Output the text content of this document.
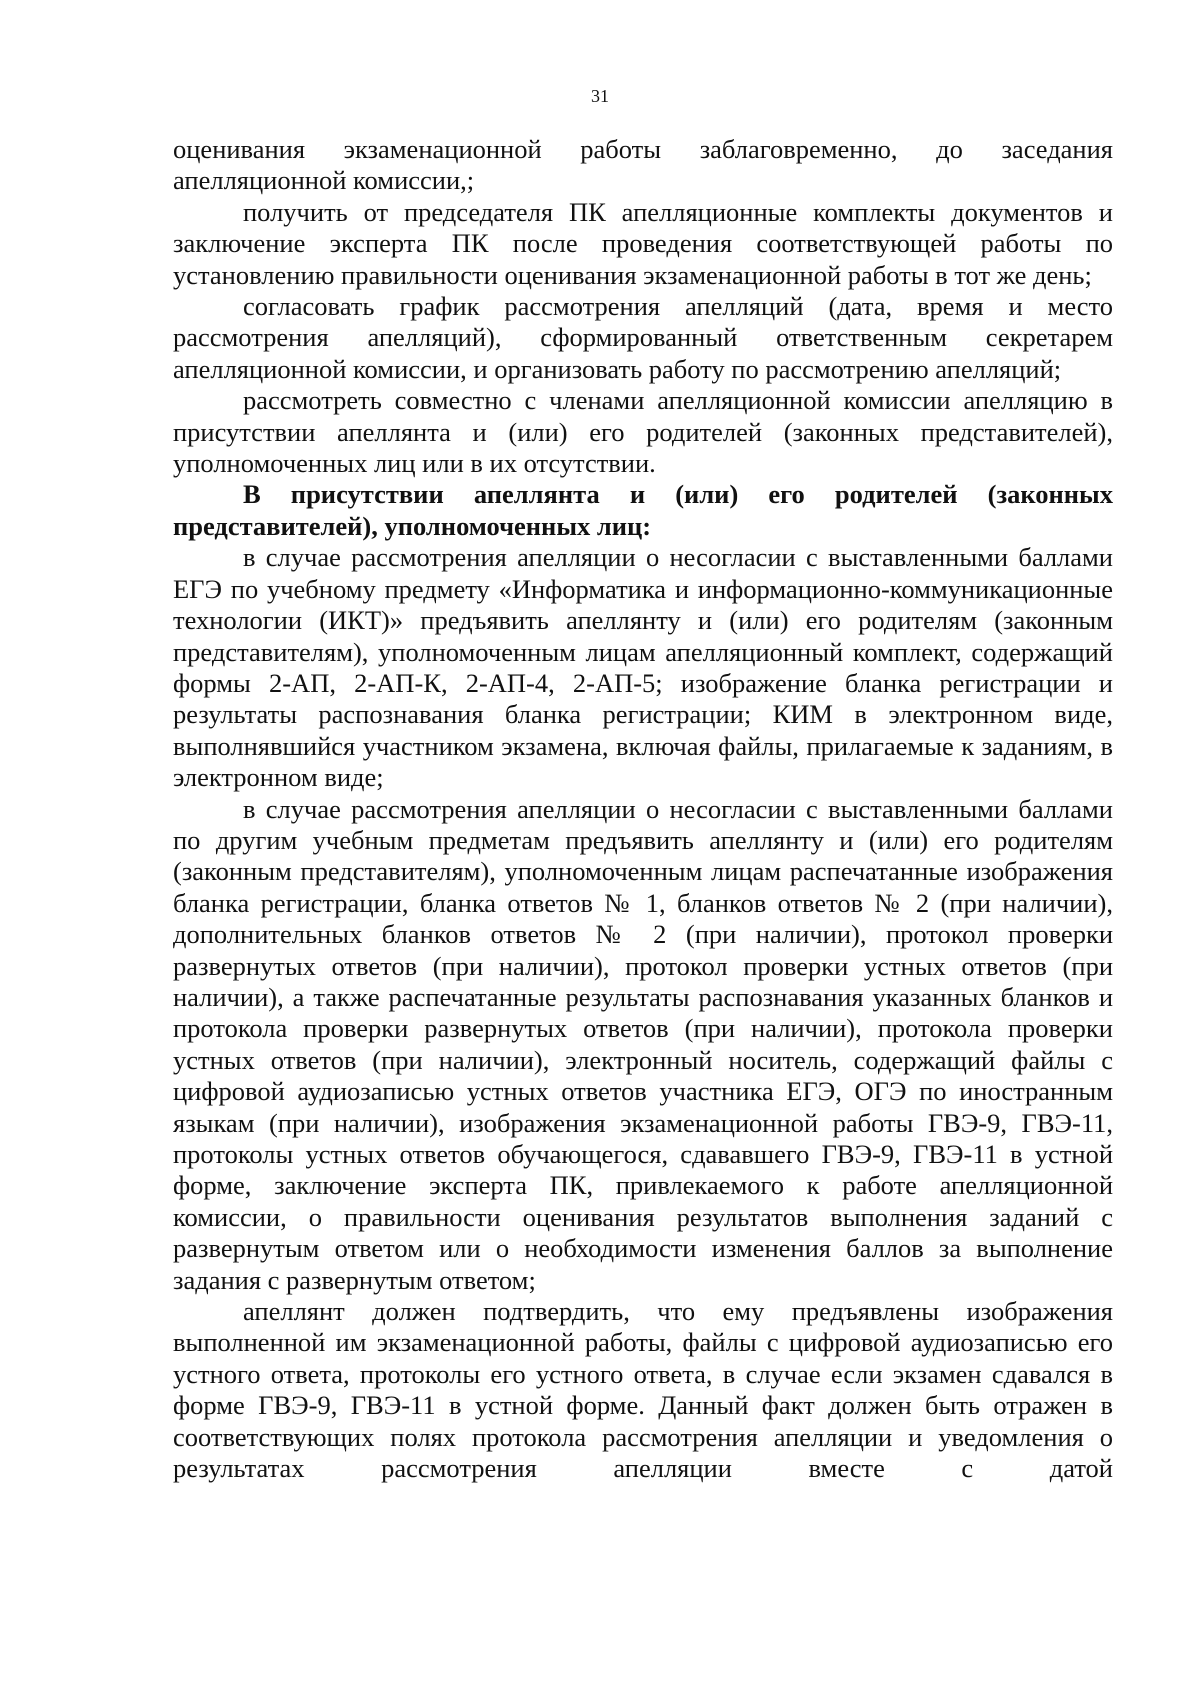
31

оценивания экзаменационной работы заблаговременно, до заседания апелляционной комиссии,;

получить от председателя ПК апелляционные комплекты документов и заключение эксперта ПК после проведения соответствующей работы по установлению правильности оценивания экзаменационной работы в тот же день;

согласовать график рассмотрения апелляций (дата, время и место рассмотрения апелляций), сформированный ответственным секретарем апелляционной комиссии, и организовать работу по рассмотрению апелляций;

рассмотреть совместно с членами апелляционной комиссии апелляцию в присутствии апеллянта и (или) его родителей (законных представителей), уполномоченных лиц или в их отсутствии.

В присутствии апеллянта и (или) его родителей (законных представителей), уполномоченных лиц:

в случае рассмотрения апелляции о несогласии с выставленными баллами ЕГЭ по учебному предмету «Информатика и информационно-коммуникационные технологии (ИКТ)» предъявить апеллянту и (или) его родителям (законным представителям), уполномоченным лицам апелляционный комплект, содержащий формы 2-АП, 2-АП-К, 2-АП-4, 2-АП-5; изображение бланка регистрации и результаты распознавания бланка регистрации; КИМ в электронном виде, выполнявшийся участником экзамена, включая файлы, прилагаемые к заданиям, в электронном виде;

в случае рассмотрения апелляции о несогласии с выставленными баллами по другим учебным предметам предъявить апеллянту и (или) его родителям (законным представителям), уполномоченным лицам распечатанные изображения бланка регистрации, бланка ответов № 1, бланков ответов № 2 (при наличии), дополнительных бланков ответов № 2 (при наличии), протокол проверки развернутых ответов (при наличии), протокол проверки устных ответов (при наличии), а также распечатанные результаты распознавания указанных бланков и протокола проверки развернутых ответов (при наличии), протокола проверки устных ответов (при наличии), электронный носитель, содержащий файлы с цифровой аудиозаписью устных ответов участника ЕГЭ, ОГЭ по иностранным языкам (при наличии), изображения экзаменационной работы ГВЭ-9, ГВЭ-11, протоколы устных ответов обучающегося, сдававшего ГВЭ-9, ГВЭ-11 в устной форме, заключение эксперта ПК, привлекаемого к работе апелляционной комиссии, о правильности оценивания результатов выполнения заданий с развернутым ответом или о необходимости изменения баллов за выполнение задания с развернутым ответом;

апеллянт должен подтвердить, что ему предъявлены изображения выполненной им экзаменационной работы, файлы с цифровой аудиозаписью его устного ответа, протоколы его устного ответа, в случае если экзамен сдавался в форме ГВЭ-9, ГВЭ-11 в устной форме. Данный факт должен быть отражен в соответствующих полях протокола рассмотрения апелляции и уведомления о результатах рассмотрения апелляции вместе с датой
